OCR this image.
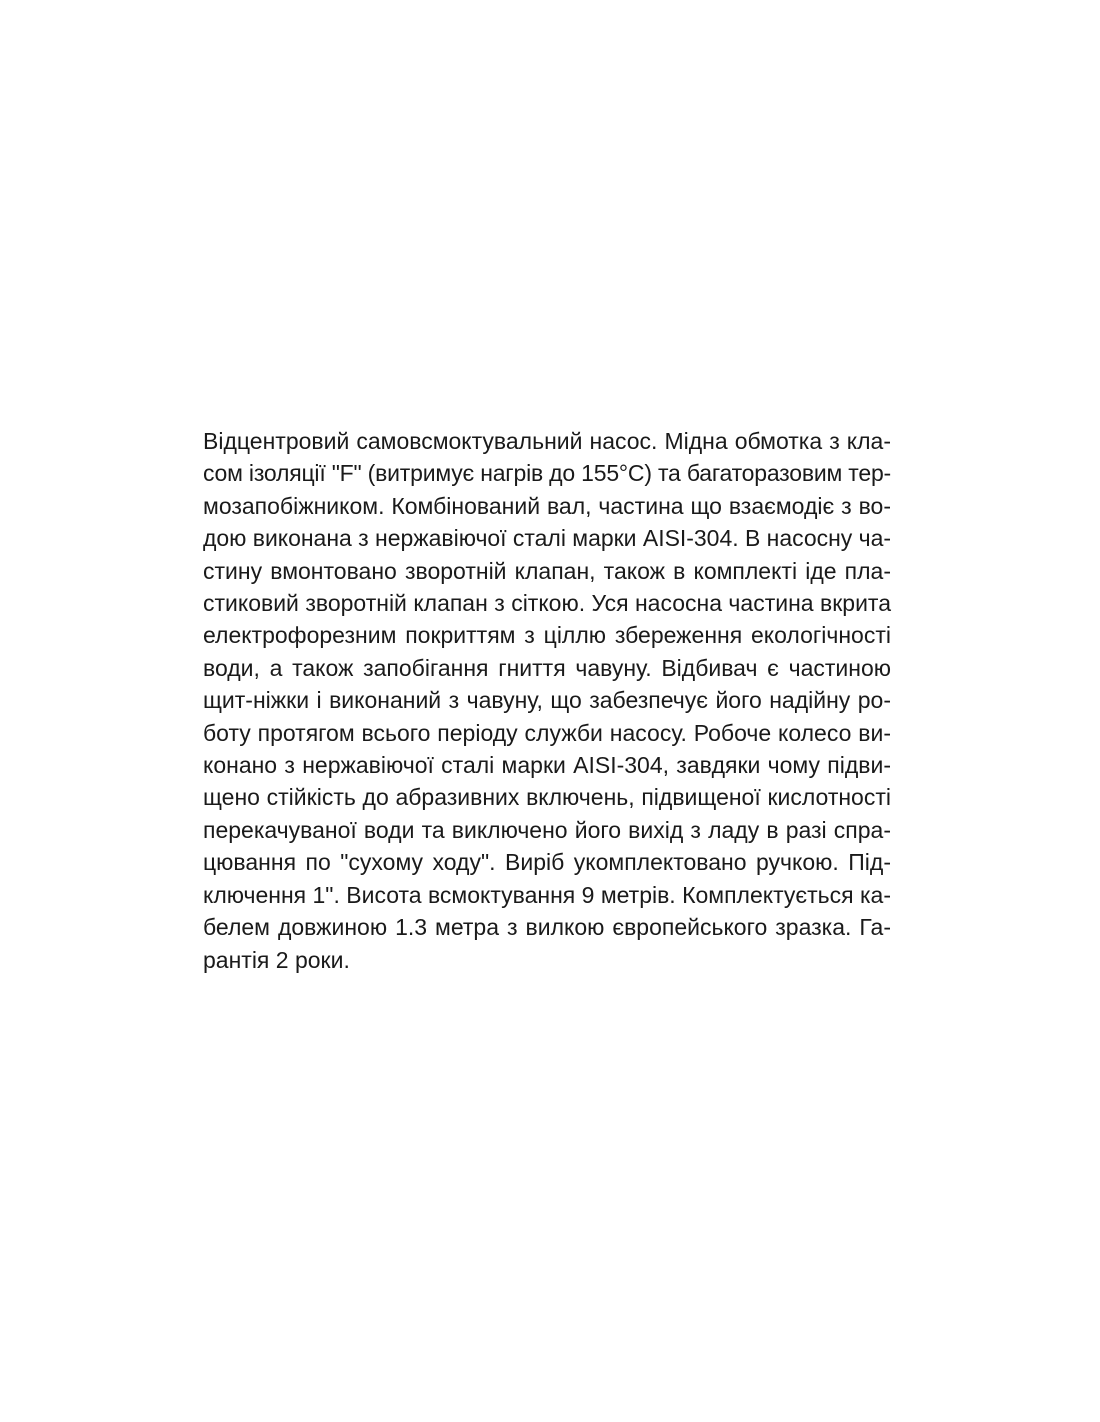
Відцентровий самовсмоктувальний насос. Мідна обмотка з кла-
сом ізоляції "F" (витримує нагрів до 155°С) та багаторазовим тер-
мозапобіжником. Комбінований вал, частина що взаємодіє з во-
дою виконана з нержавіючої сталі марки AISI-304. В насосну ча-
стину вмонтовано зворотній клапан, також в комплекті іде пла-
стиковий зворотній клапан з сіткою. Уся насосна частина вкрита
електрофорезним покриттям з ціллю збереження екологічності
води, а також запобігання гниття чавуну. Відбивач є частиною
щит-ніжки і виконаний з чавуну, що забезпечує його надійну ро-
боту протягом всього періоду служби насосу. Робоче колесо ви-
конано з нержавіючої сталі марки AISI-304, завдяки чому підви-
щено стійкість до абразивних включень, підвищеної кислотності
перекачуваної води та виключено його вихід з ладу в разі спра-
цювання по "сухому ходу". Виріб укомплектовано ручкою. Під-
ключення 1". Висота всмоктування 9 метрів. Комплектується ка-
белем довжиною 1.3 метра з вилкою європейського зразка. Га-
рантія 2 роки.
